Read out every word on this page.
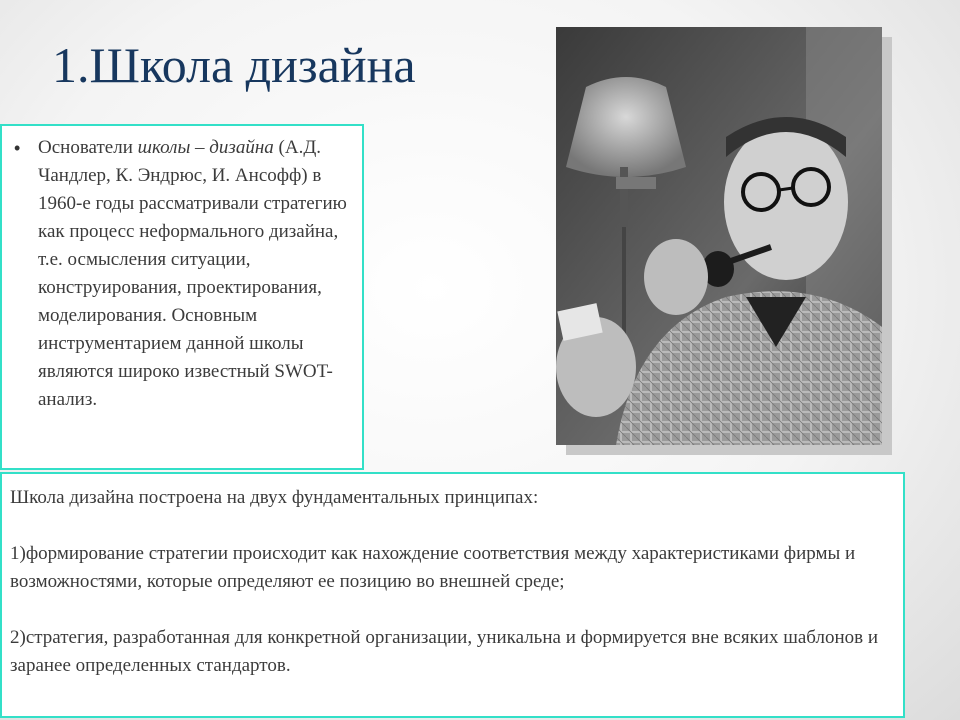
1.Школа дизайна
• Основатели школы – дизайна (А.Д. Чандлер, К. Эндрюс, И. Ансофф) в 1960-е годы рассматривали стратегию как процесс неформального дизайна, т.е. осмысления ситуации, конструирования, проектирования, моделирования. Основным инструментарием данной школы являются широко известный SWOT- анализ.

Школа дизайна построена на двух фундаментальных принципах:

1)формирование стратегии происходит как нахождение соответствия между характеристиками фирмы и возможностями, которые определяют ее позицию во внешней среде;

2)стратегия, разработанная для конкретной организации, уникальна и формируется вне всяких шаблонов и заранее определенных стандартов.
